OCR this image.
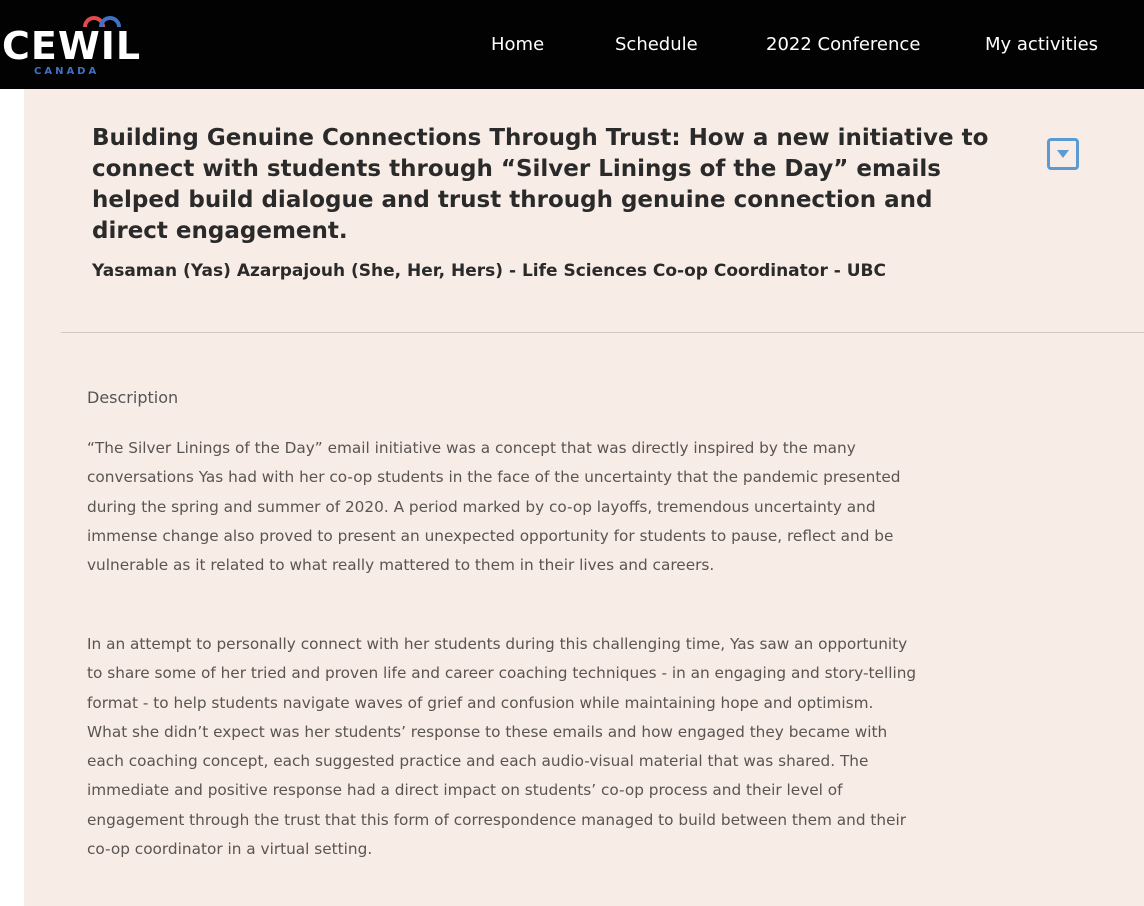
CEWIL
CANADA
Home	Schedule	2022 Conference	My activities
Building Genuine Connections Through Trust: How a new initiative to connect with students through “Silver Linings of the Day” emails helped build dialogue and trust through genuine connection and direct engagement.
Yasaman (Yas) Azarpajouh (She, Her, Hers) - Life Sciences Co-op Coordinator - UBC
Description

“The Silver Linings of the Day” email initiative was a concept that was directly inspired by the many conversations Yas had with her co-op students in the face of the uncertainty that the pandemic presented during the spring and summer of 2020. A period marked by co-op layoffs, tremendous uncertainty and immense change also proved to present an unexpected opportunity for students to pause, reflect and be vulnerable as it related to what really mattered to them in their lives and careers.

In an attempt to personally connect with her students during this challenging time, Yas saw an opportunity to share some of her tried and proven life and career coaching techniques - in an engaging and story-telling format - to help students navigate waves of grief and confusion while maintaining hope and optimism. What she didn’t expect was her students’ response to these emails and how engaged they became with each coaching concept, each suggested practice and each audio-visual material that was shared. The immediate and positive response had a direct impact on students’ co-op process and their level of engagement through the trust that this form of correspondence managed to build between them and their co-op coordinator in a virtual setting.
